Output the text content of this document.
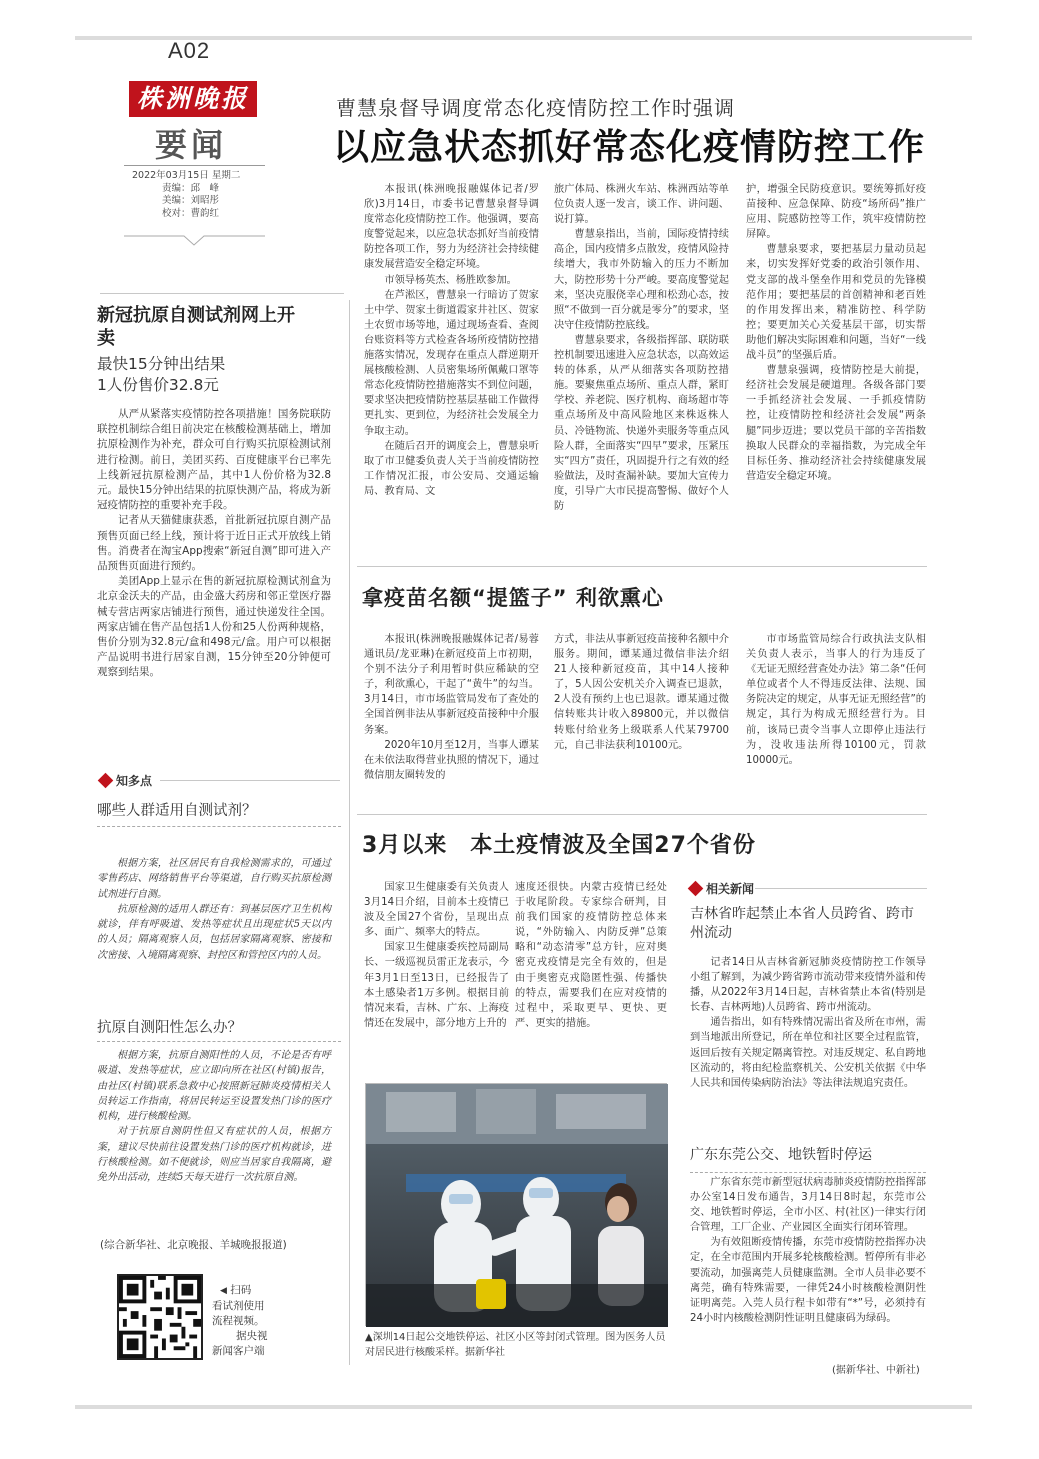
A02
株洲晚报
要闻
2022年03月15日 星期二
责编：邱　峰
美编：刘昭彤
校对：曹韵红
曹慧泉督导调度常态化疫情防控工作时强调
以应急状态抓好常态化疫情防控工作

本报讯(株洲晚报融媒体记者/罗欣)3月14日，市委书记曹慧泉督导调度常态化疫情防控工作。他强调，要高度警觉起来，以应急状态抓好当前疫情防控各项工作，努力为经济社会持续健康发展营造安全稳定环境。

市领导杨英杰、杨胜欧参加。

在芦淞区，曹慧泉一行暗访了贺家土中学、贺家土街道霞家井社区、贺家土农贸市场等地，通过现场查看、查阅台账资料等方式检查各场所疫情防控措施落实情况，发现存在重点人群逆期开展核酸检测、人员密集场所佩戴口罩等常态化疫情防控措施落实不到位问题，要求坚决把疫情防控基层基础工作做得更扎实、更到位，为经济社会发展全力争取主动。

在随后召开的调度会上，曹慧泉听取了市卫健委负责人关于当前疫情防控工作情况汇报，市公安局、交通运输局、教育局、文

旅广体局、株洲火车站、株洲西站等单位负责人逐一发言，谈工作、讲问题、说打算。

曹慧泉指出，当前，国际疫情持续高企，国内疫情多点散发，疫情风险持续增大，我市外防输入的压力不断加大，防控形势十分严峻。要高度警觉起来，坚决克服侥幸心理和松劲心态，按照“不做到一百分就是零分”的要求，坚决守住疫情防控底线。

曹慧泉要求，各级指挥部、联防联控机制要迅速进入应急状态，以高效运转的体系，从严从细落实各项防控措施。要聚焦重点场所、重点人群，紧盯学校、养老院、医疗机构、商场超市等重点场所及中高风险地区来株返株人员、冷链物流、快递外卖服务等重点风险人群，全面落实“四早”要求，压紧压实“四方”责任，巩固提升行之有效的经验做法，及时查漏补缺。要加大宣传力度，引导广大市民提高警惕、做好个人防

护，增强全民防疫意识。要统筹抓好疫苗接种、应急保障、防疫“场所码”推广应用、院感防控等工作，筑牢疫情防控屏障。

曹慧泉要求，要把基层力量动员起来，切实发挥好党委的政治引领作用、党支部的战斗堡垒作用和党员的先锋模范作用；要把基层的首创精神和老百姓的作用发挥出来，精准防控、科学防控；要更加关心关爱基层干部，切实帮助他们解决实际困难和问题，当好“一线战斗员”的坚强后盾。

曹慧泉强调，疫情防控是大前提，经济社会发展是硬道理。各级各部门要一手抓经济社会发展、一手抓疫情防控，让疫情防控和经济社会发展“两条腿”同步迈进；要以党员干部的辛苦指数换取人民群众的幸福指数，为完成全年目标任务、推动经济社会持续健康发展营造安全稳定环境。

新冠抗原自测试剂网上开卖
最快15分钟出结果
1人份售价32.8元

从严从紧落实疫情防控各项措施！国务院联防联控机制综合组日前决定在核酸检测基础上，增加抗原检测作为补充，群众可自行购买抗原检测试剂进行检测。前日，美团买药、百度健康平台已率先上线新冠抗原检测产品，其中1人份价格为32.8元。最快15分钟出结果的抗原快测产品，将成为新冠疫情防控的重要补充手段。

记者从天猫健康获悉，首批新冠抗原自测产品预售页面已经上线，预计将于近日正式开放线上销售。消费者在淘宝App搜索“新冠自测”即可进入产品预售页面进行预约。

美团App上显示在售的新冠抗原检测试剂盒为北京金沃夫的产品，由金盛大药房和邻正堂医疗器械专营店两家店铺进行预售，通过快递发往全国。两家店铺在售产品包括1人份和25人份两种规格，售价分别为32.8元/盒和498元/盒。用户可以根据产品说明书进行居家自测，15分钟至20分钟便可观察到结果。

知多点
哪些人群适用自测试剂？

根据方案，社区居民有自我检测需求的，可通过零售药店、网络销售平台等渠道，自行购买抗原检测试剂进行自测。

抗原检测的适用人群还有：到基层医疗卫生机构就诊，伴有呼吸道、发热等症状且出现症状5天以内的人员；隔离观察人员，包括居家隔离观察、密接和次密接、入境隔离观察、封控区和管控区内的人员。

抗原自测阳性怎么办？

根据方案，抗原自测阳性的人员，不论是否有呼吸道、发热等症状，应立即向所在社区(村镇)报告，由社区(村镇)联系急救中心按照新冠肺炎疫情相关人员转运工作指南，将居民转运至设置发热门诊的医疗机构，进行核酸检测。

对于抗原自测阴性但又有症状的人员，根据方案，建议尽快前往设置发热门诊的医疗机构就诊，进行核酸检测。如不便就诊，则应当居家自我隔离，避免外出活动，连续5天每天进行一次抗原自测。

(综合新华社、北京晚报、羊城晚报报道)
◀ 扫码
看试剂使用
流程视频。
据央视
新闻客户端
拿疫苗名额“提篮子” 利欲熏心

本报讯(株洲晚报融媒体记者/易蓉　通讯员/龙亚琳)在新冠疫苗上市初期，个别不法分子利用暂时供应稀缺的空子，利欲熏心，干起了“黄牛”的勾当。3月14日，市市场监管局发布了查处的全国首例非法从事新冠疫苗接种中介服务案。

2020年10月至12月，当事人谭某在未依法取得营业执照的情况下，通过微信朋友圈转发的

方式，非法从事新冠疫苗接种名额中介服务。期间，谭某通过微信非法介绍21人接种新冠疫苗，其中14人接种了，5人因公安机关介入调查已退款，2人没有预约上也已退款。谭某通过微信转账共计收入89800元，并以微信转账付给业务上级联系人代某79700元，自己非法获利10100元。

市市场监管局综合行政执法支队相关负责人表示，当事人的行为违反了《无证无照经营查处办法》第二条“任何单位或者个人不得违反法律、法规、国务院决定的规定，从事无证无照经营”的规定，其行为构成无照经营行为。目前，该局已责令当事人立即停止违法行为，没收违法所得10100元，罚款10000元。

3月以来　本土疫情波及全国27个省份

国家卫生健康委有关负责人3月14日介绍，目前本土疫情已波及全国27个省份，呈现出点多、面广、频率大的特点。

国家卫生健康委疾控局副局长、一级巡视员雷正龙表示，今年3月1日至13日，已经报告了本土感染者1万多例。根据目前情况来看，吉林、广东、上海疫情还在发展中，部分地方上升的

速度还很快。内蒙古疫情已经处于收尾阶段。专家综合研判，目前我们国家的疫情防控总体来说，“外防输入、内防反弹”总策略和“动态清零”总方针，应对奥密克戎疫情是完全有效的，但是由于奥密克戎隐匿性强、传播快的特点，需要我们在应对疫情的过程中，采取更早、更快、更严、更实的措施。

▲深圳14日起公交地铁停运、社区小区等封闭式管理。图为医务人员对居民进行核酸采样。据新华社
相关新闻
吉林省昨起禁止本省人员跨省、跨市州流动

记者14日从吉林省新冠肺炎疫情防控工作领导小组了解到，为减少跨省跨市流动带来疫情外溢和传播，从2022年3月14日起，吉林省禁止本省(特别是长春、吉林两地)人员跨省、跨市州流动。

通告指出，如有特殊情况需出省及所在市州，需到当地派出所登记，所在单位和社区要全过程监管，返回后按有关规定隔离管控。对违反规定、私自跨地区流动的，将由纪检监察机关、公安机关依据《中华人民共和国传染病防治法》等法律法规追究责任。

广东东莞公交、地铁暂时停运

广东省东莞市新型冠状病毒肺炎疫情防控指挥部办公室14日发布通告，3月14日8时起，东莞市公交、地铁暂时停运，全市小区、村(社区)一律实行闭合管理，工厂企业、产业园区全面实行闭环管理。

为有效阻断疫情传播，东莞市疫情防控指挥办决定，在全市范围内开展多轮核酸检测。暂停所有非必要流动，加强离莞人员健康监测。全市人员非必要不离莞，确有特殊需要，一律凭24小时核酸检测阴性证明离莞。入莞人员行程卡如带有“*”号，必须持有24小时内核酸检测阴性证明且健康码为绿码。

(据新华社、中新社)
